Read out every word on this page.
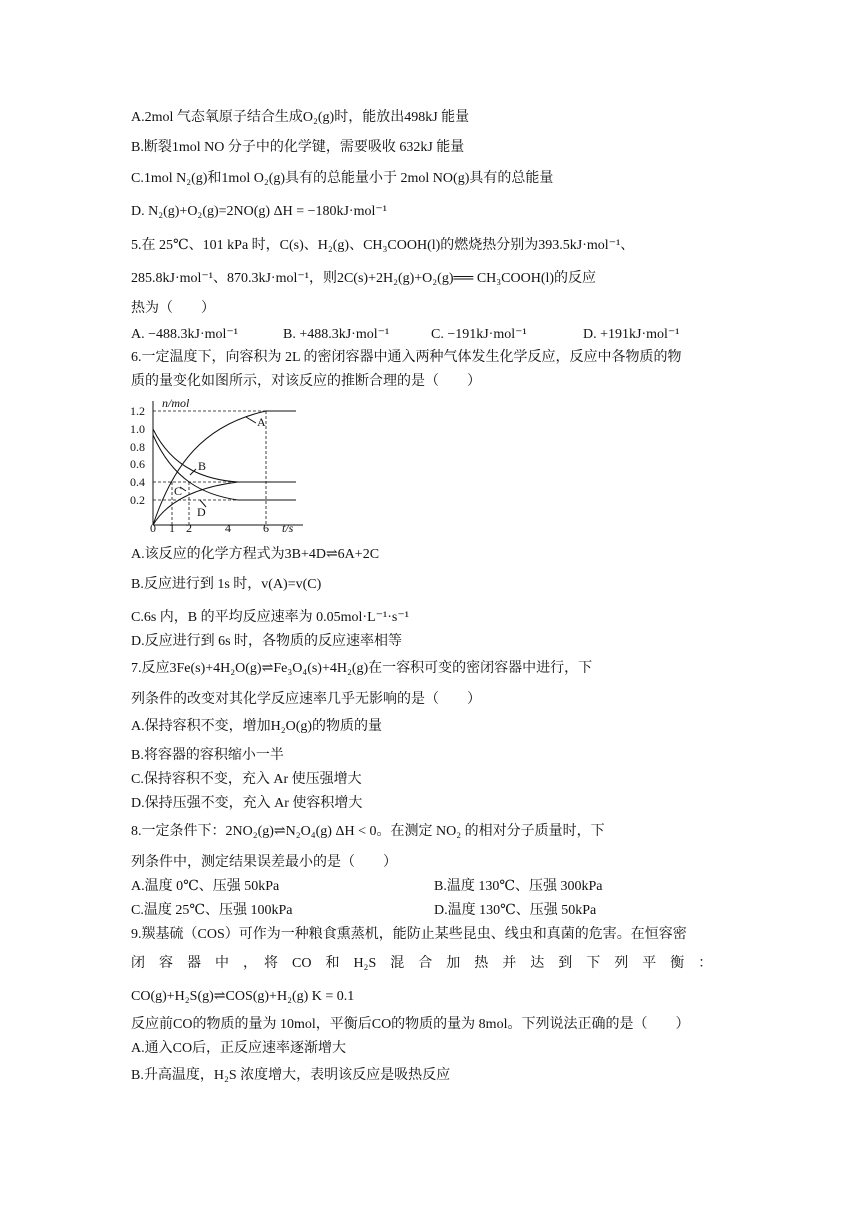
A.2mol 气态氧原子结合生成O₂(g)时，能放出498kJ 能量
B.断裂1mol NO 分子中的化学键，需要吸收 632kJ 能量
C.1mol N₂(g)和1mol O₂(g)具有的总能量小于 2mol NO(g)具有的总能量
D. N₂(g)+O₂(g)=2NO(g) ΔH = −180kJ·mol⁻¹
5.在 25℃、101 kPa 时，C(s)、H₂(g)、CH₃COOH(l)的燃烧热分别为393.5kJ·mol⁻¹、
285.8kJ·mol⁻¹、870.3kJ·mol⁻¹，则2C(s)+2H₂(g)+O₂(g)══ CH₃COOH(l)的反应
热为（　　）
A. −488.3kJ·mol⁻¹	B. +488.3kJ·mol⁻¹	C. −191kJ·mol⁻¹	D. +191kJ·mol⁻¹
6.一定温度下，向容积为 2L 的密闭容器中通入两种气体发生化学反应，反应中各物质的物
质的量变化如图所示，对该反应的推断合理的是（　　）
n/mol
t/s
1.2
1.0
0.8
0.6
0.4
0.2
0 1 2	4	6
A
B
C
D
A.该反应的化学方程式为3B+4D⇌6A+2C
B.反应进行到 1s 时，v(A)=v(C)
C.6s 内，B 的平均反应速率为 0.05mol·L⁻¹·s⁻¹
D.反应进行到 6s 时，各物质的反应速率相等
7.反应3Fe(s)+4H₂O(g)⇌Fe₃O₄(s)+4H₂(g)在一容积可变的密闭容器中进行，下
列条件的改变对其化学反应速率几乎无影响的是（　　）
A.保持容积不变，增加H₂O(g)的物质的量
B.将容器的容积缩小一半
C.保持容积不变，充入 Ar 使压强增大
D.保持压强不变，充入 Ar 使容积增大
8.一定条件下：2NO₂(g)⇌N₂O₄(g) ΔH < 0。在测定 NO₂ 的相对分子质量时，下
列条件中，测定结果误差最小的是（　　）
A.温度 0℃、压强 50kPa	B.温度 130℃、压强 300kPa
C.温度 25℃、压强 100kPa	D.温度 130℃、压强 50kPa
9.羰基硫（COS）可作为一种粮食熏蒸机，能防止某些昆虫、线虫和真菌的危害。在恒容密
闭　容　器　中　，　将　CO　和　H₂S　混　合　加　热　并　达　到　下　列　平　衡　：
CO(g)+H₂S(g)⇌COS(g)+H₂(g) K = 0.1
反应前CO的物质的量为 10mol，平衡后CO的物质的量为 8mol。下列说法正确的是（　　）
A.通入CO后，正反应速率逐渐增大
B.升高温度，H₂S 浓度增大，表明该反应是吸热反应
